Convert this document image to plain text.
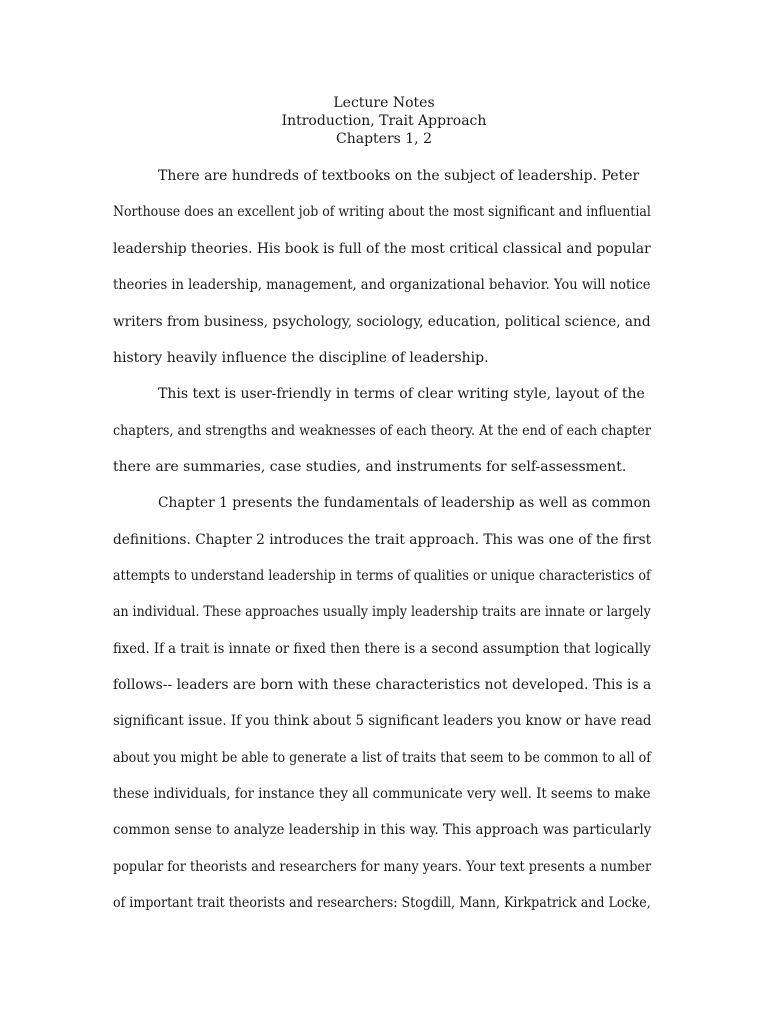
Lecture Notes
Introduction, Trait Approach
Chapters 1, 2
There are hundreds of textbooks on the subject of leadership. Peter
Northouse does an excellent job of writing about the most significant and influential
leadership theories. His book is full of the most critical classical and popular
theories in leadership, management, and organizational behavior. You will notice
writers from business, psychology, sociology, education, political science, and
history heavily influence the discipline of leadership.
This text is user-friendly in terms of clear writing style, layout of the
chapters, and strengths and weaknesses of each theory. At the end of each chapter
there are summaries, case studies, and instruments for self-assessment.
Chapter 1 presents the fundamentals of leadership as well as common
definitions. Chapter 2 introduces the trait approach. This was one of the first
attempts to understand leadership in terms of qualities or unique characteristics of
an individual. These approaches usually imply leadership traits are innate or largely
fixed. If a trait is innate or fixed then there is a second assumption that logically
follows-- leaders are born with these characteristics not developed. This is a
significant issue. If you think about 5 significant leaders you know or have read
about you might be able to generate a list of traits that seem to be common to all of
these individuals, for instance they all communicate very well. It seems to make
common sense to analyze leadership in this way. This approach was particularly
popular for theorists and researchers for many years. Your text presents a number
of important trait theorists and researchers: Stogdill, Mann, Kirkpatrick and Locke,
